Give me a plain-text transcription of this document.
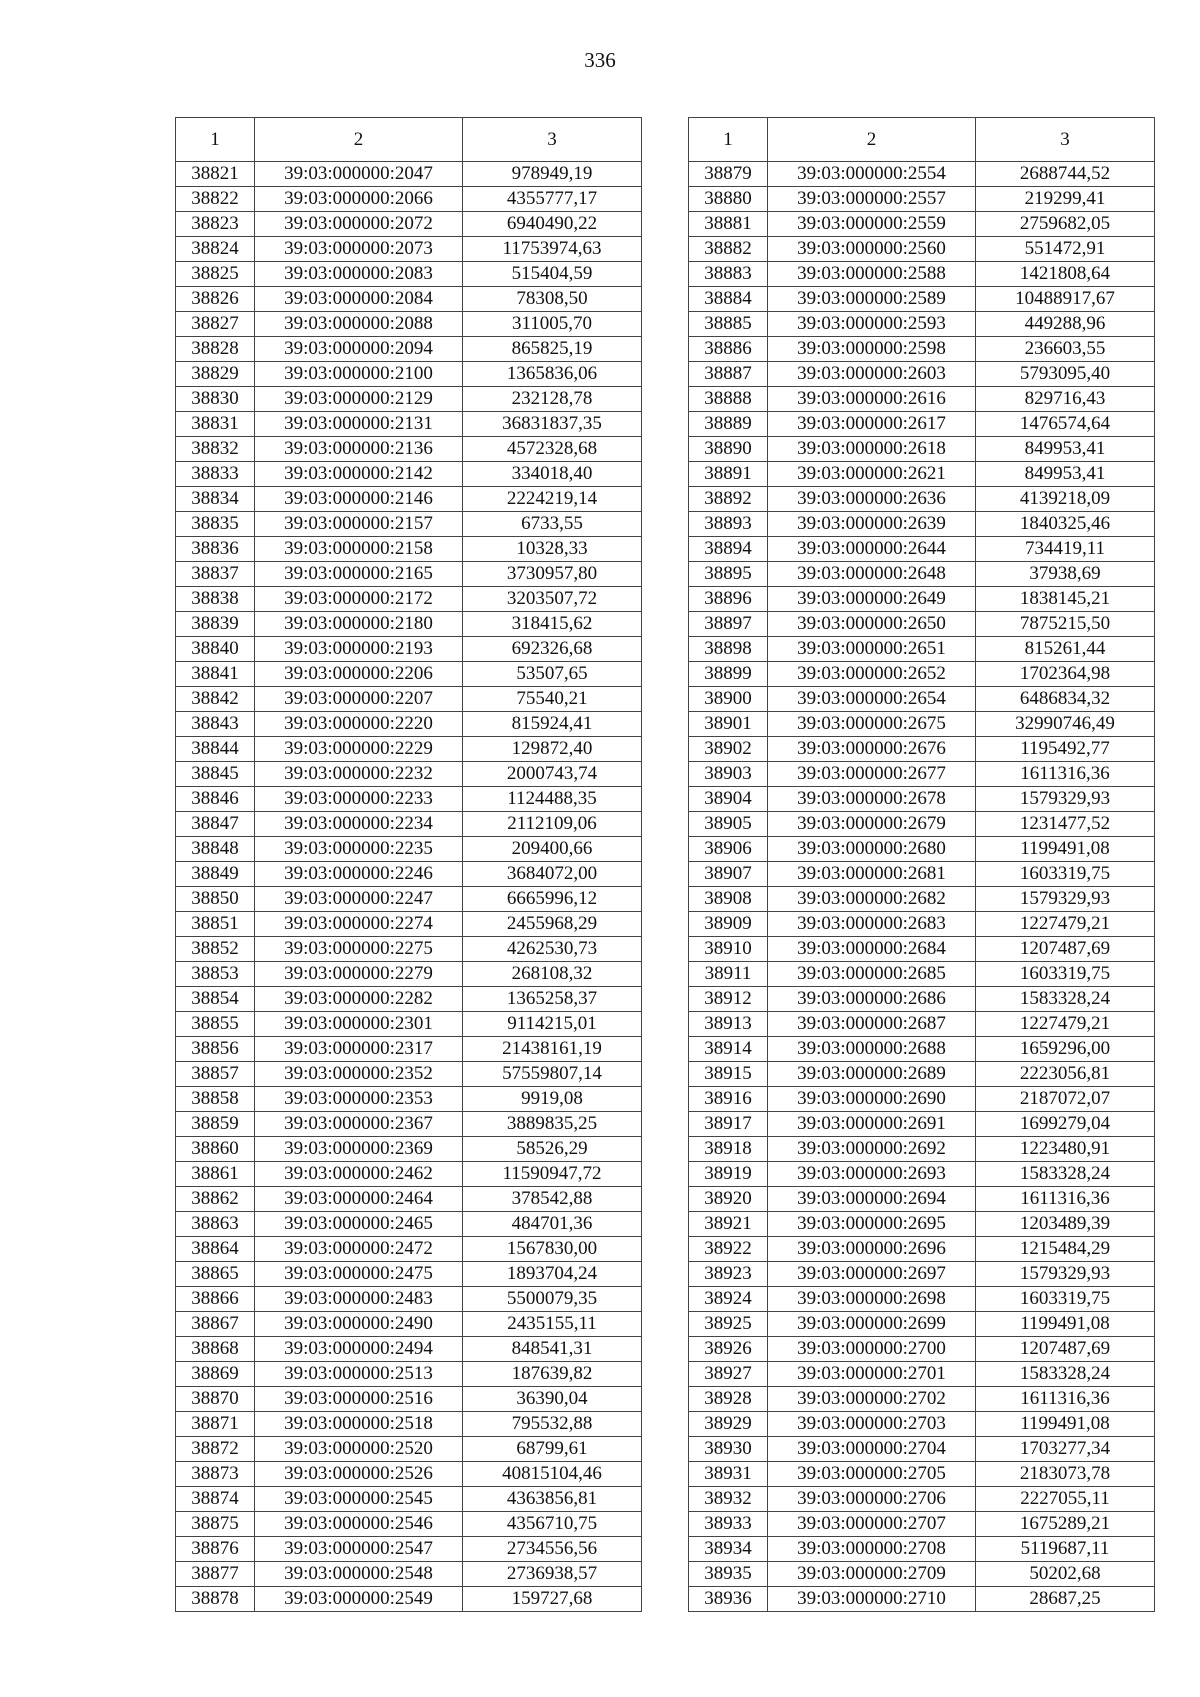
336
1	2	3
38821	39:03:000000:2047	978949,19
38822	39:03:000000:2066	4355777,17
38823	39:03:000000:2072	6940490,22
38824	39:03:000000:2073	11753974,63
38825	39:03:000000:2083	515404,59
38826	39:03:000000:2084	78308,50
38827	39:03:000000:2088	311005,70
38828	39:03:000000:2094	865825,19
38829	39:03:000000:2100	1365836,06
38830	39:03:000000:2129	232128,78
38831	39:03:000000:2131	36831837,35
38832	39:03:000000:2136	4572328,68
38833	39:03:000000:2142	334018,40
38834	39:03:000000:2146	2224219,14
38835	39:03:000000:2157	6733,55
38836	39:03:000000:2158	10328,33
38837	39:03:000000:2165	3730957,80
38838	39:03:000000:2172	3203507,72
38839	39:03:000000:2180	318415,62
38840	39:03:000000:2193	692326,68
38841	39:03:000000:2206	53507,65
38842	39:03:000000:2207	75540,21
38843	39:03:000000:2220	815924,41
38844	39:03:000000:2229	129872,40
38845	39:03:000000:2232	2000743,74
38846	39:03:000000:2233	1124488,35
38847	39:03:000000:2234	2112109,06
38848	39:03:000000:2235	209400,66
38849	39:03:000000:2246	3684072,00
38850	39:03:000000:2247	6665996,12
38851	39:03:000000:2274	2455968,29
38852	39:03:000000:2275	4262530,73
38853	39:03:000000:2279	268108,32
38854	39:03:000000:2282	1365258,37
38855	39:03:000000:2301	9114215,01
38856	39:03:000000:2317	21438161,19
38857	39:03:000000:2352	57559807,14
38858	39:03:000000:2353	9919,08
38859	39:03:000000:2367	3889835,25
38860	39:03:000000:2369	58526,29
38861	39:03:000000:2462	11590947,72
38862	39:03:000000:2464	378542,88
38863	39:03:000000:2465	484701,36
38864	39:03:000000:2472	1567830,00
38865	39:03:000000:2475	1893704,24
38866	39:03:000000:2483	5500079,35
38867	39:03:000000:2490	2435155,11
38868	39:03:000000:2494	848541,31
38869	39:03:000000:2513	187639,82
38870	39:03:000000:2516	36390,04
38871	39:03:000000:2518	795532,88
38872	39:03:000000:2520	68799,61
38873	39:03:000000:2526	40815104,46
38874	39:03:000000:2545	4363856,81
38875	39:03:000000:2546	4356710,75
38876	39:03:000000:2547	2734556,56
38877	39:03:000000:2548	2736938,57
38878	39:03:000000:2549	159727,68
1	2	3
38879	39:03:000000:2554	2688744,52
38880	39:03:000000:2557	219299,41
38881	39:03:000000:2559	2759682,05
38882	39:03:000000:2560	551472,91
38883	39:03:000000:2588	1421808,64
38884	39:03:000000:2589	10488917,67
38885	39:03:000000:2593	449288,96
38886	39:03:000000:2598	236603,55
38887	39:03:000000:2603	5793095,40
38888	39:03:000000:2616	829716,43
38889	39:03:000000:2617	1476574,64
38890	39:03:000000:2618	849953,41
38891	39:03:000000:2621	849953,41
38892	39:03:000000:2636	4139218,09
38893	39:03:000000:2639	1840325,46
38894	39:03:000000:2644	734419,11
38895	39:03:000000:2648	37938,69
38896	39:03:000000:2649	1838145,21
38897	39:03:000000:2650	7875215,50
38898	39:03:000000:2651	815261,44
38899	39:03:000000:2652	1702364,98
38900	39:03:000000:2654	6486834,32
38901	39:03:000000:2675	32990746,49
38902	39:03:000000:2676	1195492,77
38903	39:03:000000:2677	1611316,36
38904	39:03:000000:2678	1579329,93
38905	39:03:000000:2679	1231477,52
38906	39:03:000000:2680	1199491,08
38907	39:03:000000:2681	1603319,75
38908	39:03:000000:2682	1579329,93
38909	39:03:000000:2683	1227479,21
38910	39:03:000000:2684	1207487,69
38911	39:03:000000:2685	1603319,75
38912	39:03:000000:2686	1583328,24
38913	39:03:000000:2687	1227479,21
38914	39:03:000000:2688	1659296,00
38915	39:03:000000:2689	2223056,81
38916	39:03:000000:2690	2187072,07
38917	39:03:000000:2691	1699279,04
38918	39:03:000000:2692	1223480,91
38919	39:03:000000:2693	1583328,24
38920	39:03:000000:2694	1611316,36
38921	39:03:000000:2695	1203489,39
38922	39:03:000000:2696	1215484,29
38923	39:03:000000:2697	1579329,93
38924	39:03:000000:2698	1603319,75
38925	39:03:000000:2699	1199491,08
38926	39:03:000000:2700	1207487,69
38927	39:03:000000:2701	1583328,24
38928	39:03:000000:2702	1611316,36
38929	39:03:000000:2703	1199491,08
38930	39:03:000000:2704	1703277,34
38931	39:03:000000:2705	2183073,78
38932	39:03:000000:2706	2227055,11
38933	39:03:000000:2707	1675289,21
38934	39:03:000000:2708	5119687,11
38935	39:03:000000:2709	50202,68
38936	39:03:000000:2710	28687,25
